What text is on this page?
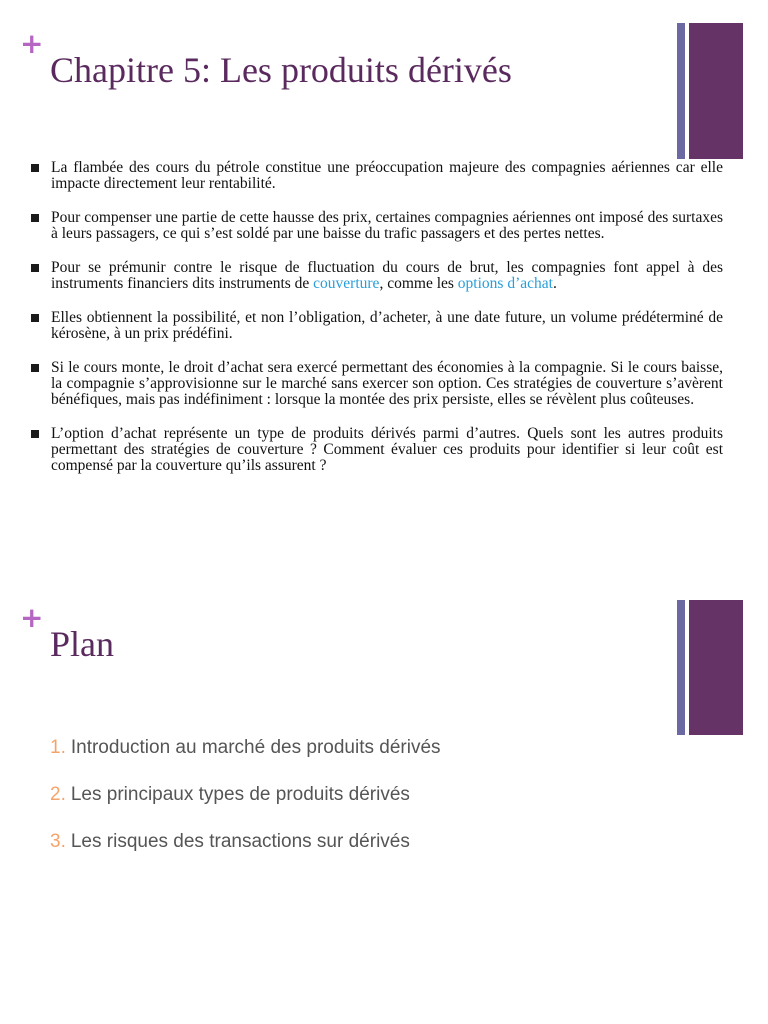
+
Chapitre 5: Les produits dérivés
La flambée des cours du pétrole constitue une préoccupation majeure des compagnies aériennes car elle impacte directement leur rentabilité.
Pour compenser une partie de cette hausse des prix, certaines compagnies aériennes ont imposé des surtaxes à leurs passagers, ce qui s’est soldé par une baisse du trafic passagers et des pertes nettes.
Pour se prémunir contre le risque de fluctuation du cours de brut, les compagnies font appel à des instruments financiers dits instruments de couverture, comme les options d’achat.
Elles obtiennent la possibilité, et non l’obligation, d’acheter, à une date future, un volume prédéterminé de kérosène, à un prix prédéfini.
Si le cours monte, le droit d’achat sera exercé permettant des économies à la compagnie. Si le cours baisse, la compagnie s’approvisionne sur le marché sans exercer son option. Ces stratégies de couverture s’avèrent bénéfiques, mais pas indéfiniment : lorsque la montée des prix persiste, elles se révèlent plus coûteuses.
L’option d’achat représente un type de produits dérivés parmi d’autres. Quels sont les autres produits permettant des stratégies de couverture ? Comment évaluer ces produits pour identifier si leur coût est compensé par la couverture qu’ils assurent ?
+
Plan
1. Introduction au marché des produits dérivés
2. Les principaux types de produits dérivés
3. Les risques des transactions sur dérivés
